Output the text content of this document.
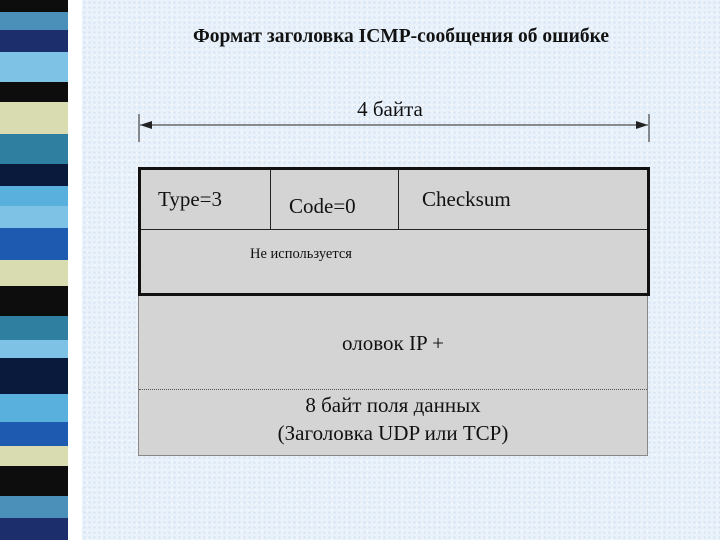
Формат заголовка ICMP-сообщения об ошибке
4 байта
Type=3	Code=0	Checksum
Не используется
оловок IP +
8 байт поля данных
(Заголовка UDP или TCP)
